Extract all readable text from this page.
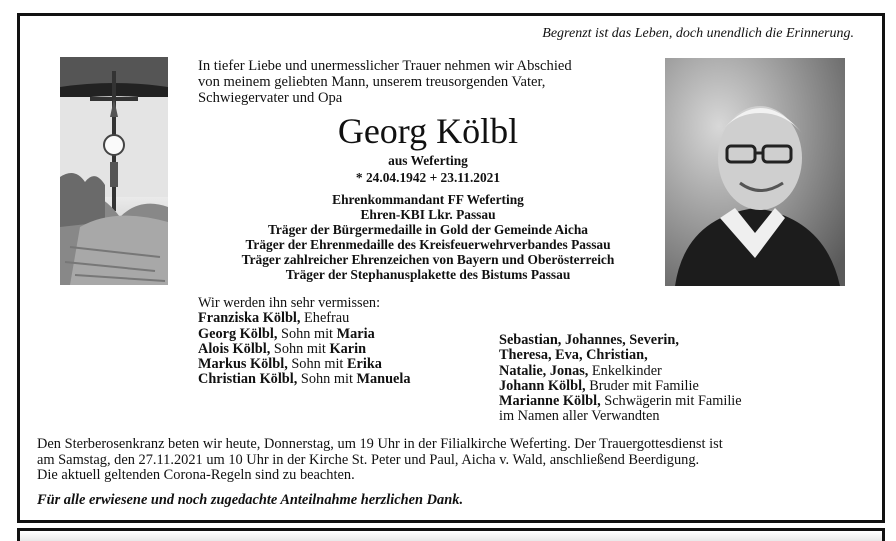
Begrenzt ist das Leben, doch unendlich die Erinnerung.
In tiefer Liebe und unermesslicher Trauer nehmen wir Abschied
von meinem geliebten Mann, unserem treusorgenden Vater,
Schwiegervater und Opa
Georg Kölbl
aus Weferting
* 24.04.1942 + 23.11.2021
Ehrenkommandant FF Weferting
Ehren-KBI Lkr. Passau
Träger der Bürgermedaille in Gold der Gemeinde Aicha
Träger der Ehrenmedaille des Kreisfeuerwehrverbandes Passau
Träger zahlreicher Ehrenzeichen von Bayern und Oberösterreich
Träger der Stephanusplakette des Bistums Passau
Wir werden ihn sehr vermissen:
Franziska Kölbl, Ehefrau
Georg Kölbl, Sohn mit Maria
Alois Kölbl, Sohn mit Karin
Markus Kölbl, Sohn mit Erika
Christian Kölbl, Sohn mit Manuela
Sebastian, Johannes, Severin,
Theresa, Eva, Christian,
Natalie, Jonas, Enkelkinder
Johann Kölbl, Bruder mit Familie
Marianne Kölbl, Schwägerin mit Familie
im Namen aller Verwandten
Den Sterberosenkranz beten wir heute, Donnerstag, um 19 Uhr in der Filialkirche Weferting. Der Trauergottesdienst ist
am Samstag, den 27.11.2021 um 10 Uhr in der Kirche St. Peter und Paul, Aicha v. Wald, anschließend Beerdigung.
Die aktuell geltenden Corona-Regeln sind zu beachten.
Für alle erwiesene und noch zugedachte Anteilnahme herzlichen Dank.
